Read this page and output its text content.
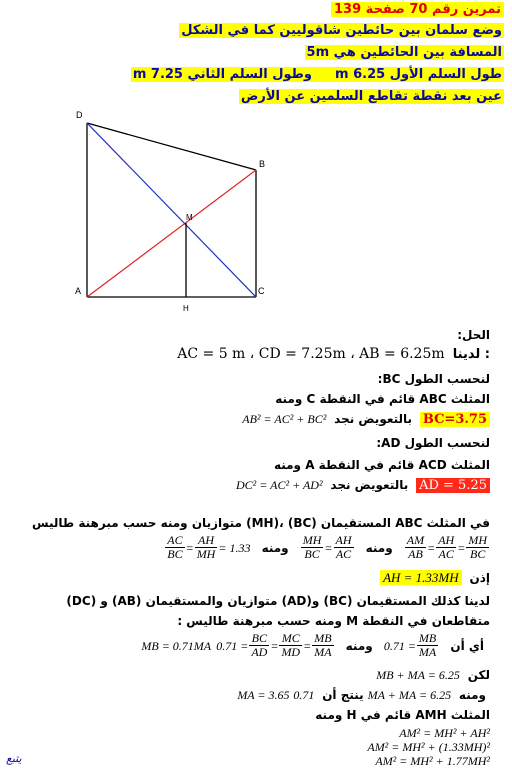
تمرين رقم 70 صفحة 139
وضع سلمان بين حائطين شاقوليين كما في الشكل
المسافة بين الحائطين هي 5m
طول السلم الأول 6.25 m  وطول السلم الثاني 7.25 m
عين بعد نقطة تقاطع السلمين عن الأرض
D
B
M
A	C
H
الحل:
AC = 5 m ، CD = 7.25m ، AB = 6.25m لدينا :
لنحسب الطول BC:
المثلث ABC قائم في النقطة C ومنه
AB² = AC² + BC² بالتعويض نجد BC=3.75
لنحسب الطول AD:
المثلث ACD قائم في النقطة A ومنه
DC² = AC² + AD² بالتعويض نجد AD = 5.25
في المثلث ABC المستقيمان (BC) ،(MH) متوازيان ومنه حسب مبرهنة طاليس
$\frac{AC}{BC} = \frac{AH}{MH} = 1.33$	ومنه
$\frac{AH}{AC}$
=
$\frac{MH}{BC}$
ومنه	$\frac{AM}{AB} = \frac{AH}{AC} = \frac{MH}{BC}$
AH = 1.33MH إذن
لدينا كذلك المستقيمان (BC) و(AD) متوازيان والمستقيمان (AB) و (DC)
متقاطعان في النقطة M ومنه حسب مبرهنة طاليس :
MB = 0.71MA	أي أن
$\frac{MB}{MA}$
= 0.71 ومنه
$\frac{MB}{MA}$
=
$\frac{MC}{MD}$
=
$\frac{BC}{AD}$
= 0.71
MB + MA = 6.25 لكن
MA = 3.65	ينتج أن 0.71MA + MA = 6.25 ومنه
المثلث AMH قائم في H ومنه
AM² = MH² + AH²
AM² = MH² + (1.33MH)²
AM² = MH² + 1.77MH²
يتبع
